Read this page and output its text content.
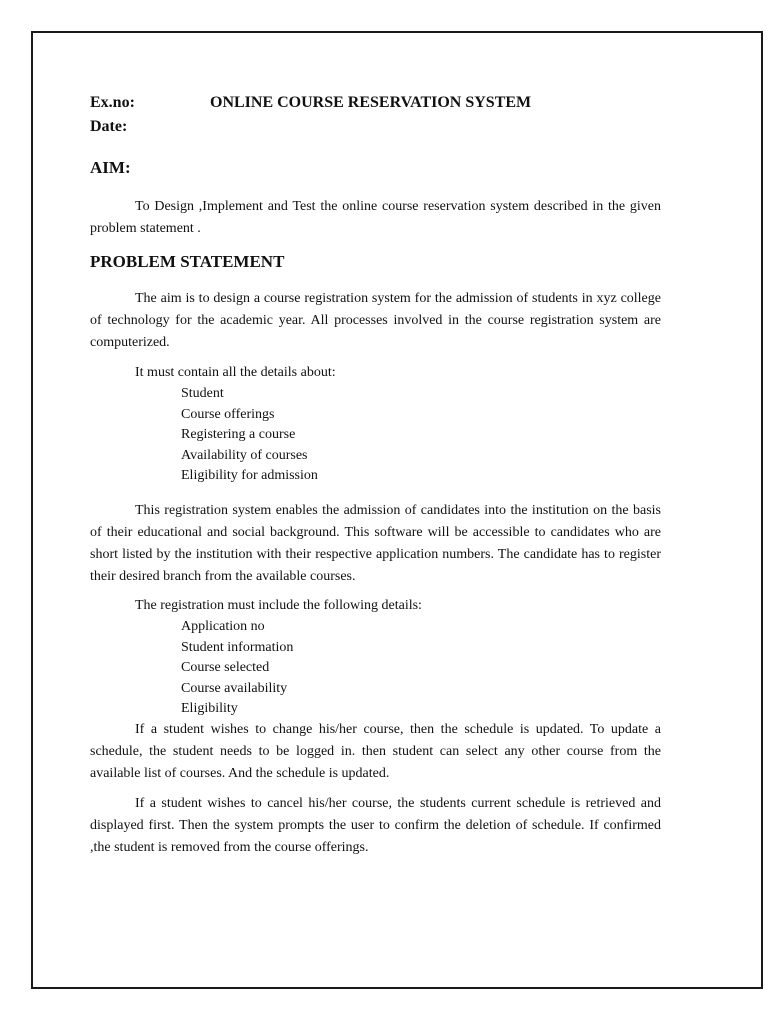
Ex.no:	ONLINE COURSE RESERVATION SYSTEM
Date:
AIM:

To Design ,Implement and Test the online course reservation system described in the given problem statement .

PROBLEM STATEMENT

The aim is to design a course registration system for the admission of students in xyz college of technology for the academic year. All processes involved in the course registration system are computerized.

It must contain all the details about:
Student
Course offerings
Registering a course
Availability of courses
Eligibility for admission

This registration system enables the admission of candidates into the institution on the basis of their educational and social background. This software will be accessible to candidates who are short listed by the institution with their respective application numbers. The candidate has to register their desired branch from the available courses.

The registration must include the following details:
Application no
Student information
Course selected
Course availability
Eligibility

If a student wishes to change his/her course, then the schedule is updated. To update a schedule, the student needs to be logged in. then student can select any other course from the available list of courses. And the schedule is updated.

If a student wishes to cancel his/her course, the students current schedule is retrieved and displayed first. Then the system prompts the user to confirm the deletion of schedule. If confirmed ,the student is removed from the course offerings.
